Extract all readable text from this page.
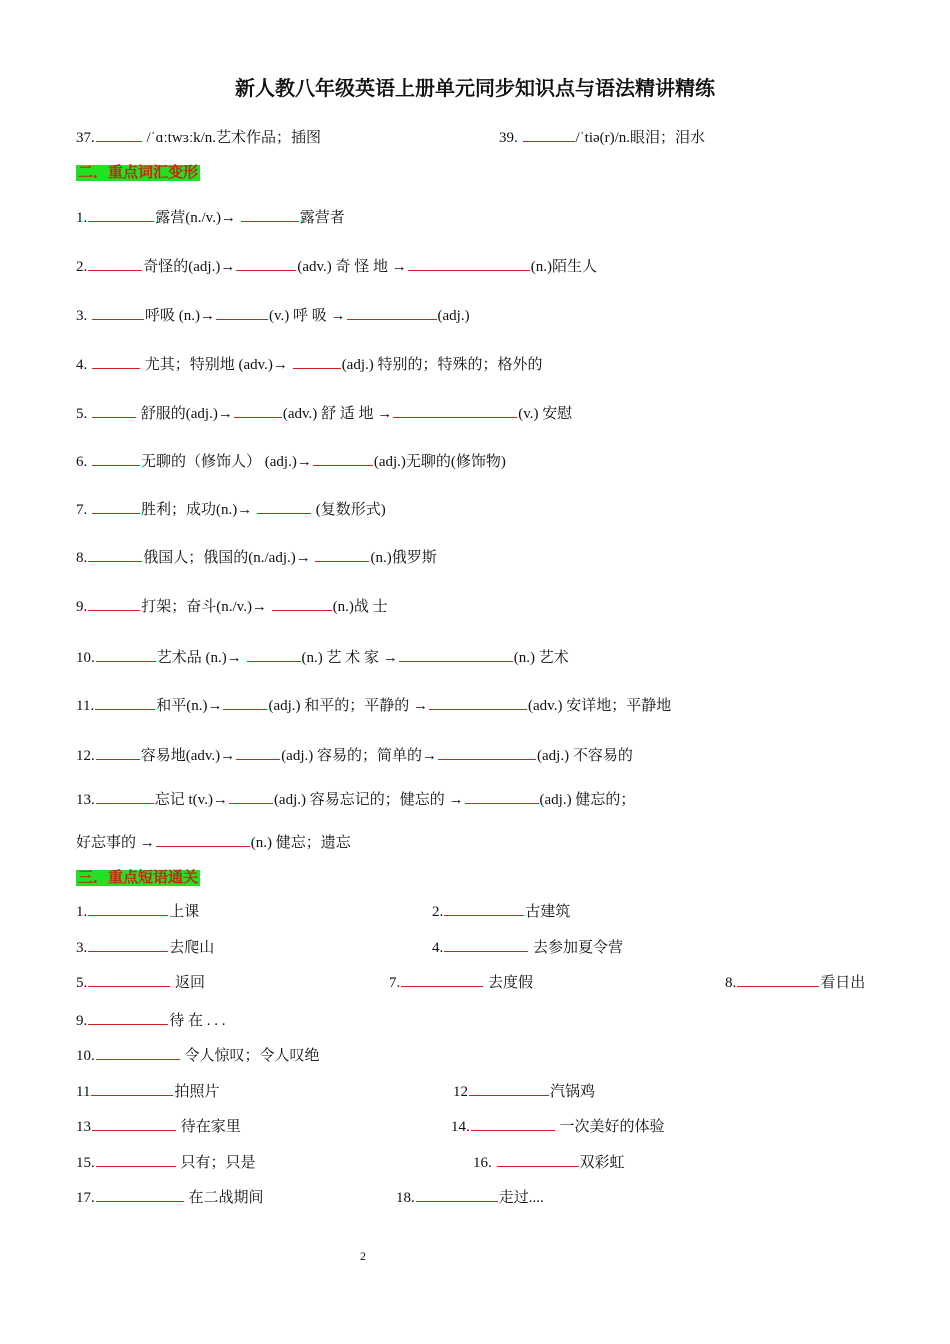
新人教八年级英语上册单元同步知识点与语法精讲精练
37.	/ˈɑːtwɜːk/n.艺术作品；插图	39.	/ˈtiə(r)/n.眼泪；泪水
二．重点词汇变形
1.	露营(n./v.)→	露营者
2.	奇怪的(adj.)→	(adv.) 奇 怪 地 →	(n.)陌生人
3.	呼吸 (n.)→	(v.) 呼 吸 →	(adj.)
4.	尤其；特别地 (adv.)→	(adj.) 特别的；特殊的；格外的
5.	舒服的(adj.)→	(adv.) 舒 适 地 →	(v.) 安慰
6.	无聊的（修饰人） (adj.)→	(adj.)无聊的(修饰物)
7.	胜利；成功(n.)→	(复数形式)
8.	俄国人；俄国的(n./adj.)→	(n.)俄罗斯
9.	打架；奋斗(n./v.)→	(n.)战 士
10.	艺术品 (n.)→	(n.) 艺 术 家 →	(n.) 艺术
11.	和平(n.)→	(adj.) 和平的；平静的 →	(adv.) 安详地；平静地
12.	容易地(adv.)→	(adj.) 容易的；简单的→	(adj.) 不容易的
13.	忘记 t(v.)→	(adj.) 容易忘记的；健忘的 →	(adj.) 健忘的；
好忘事的 →	(n.) 健忘；遗忘
三．重点短语通关
1.	上课	2.	古建筑
3.	去爬山	4.	去参加夏令营
5.	返回	7.	去度假	8.	看日出
9.	待 在 . . .
10.	令人惊叹；令人叹绝
11	拍照片	12	汽锅鸡
13	待在家里	14.	一次美好的体验
15.	只有；只是	16.	双彩虹
17.	在二战期间	18.	走过....
2
